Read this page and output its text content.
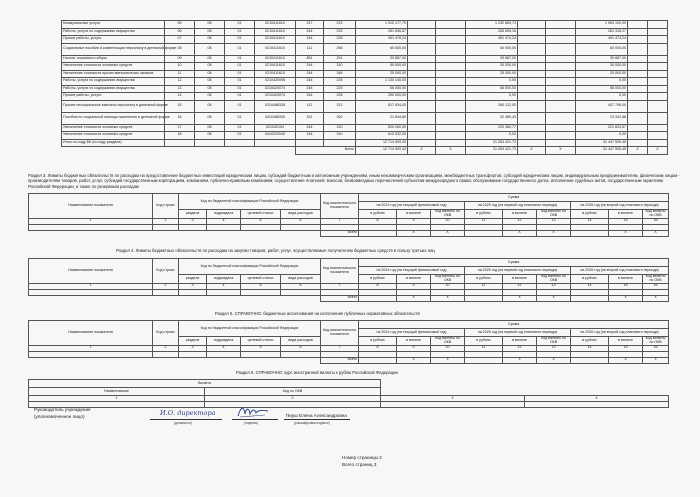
Коммунальные услуги	05	08	01	0210411610	247	223	1 910 177,79			1 232 883,73			1 963 100,00		
Работы, услуги по содержанию имущества	06	08	01	0210411610	244	225	261 636,67			265 605,16			261 318,27		
Прочие работы, услуги	07	08	01	0210411610	244	226	451 478,24			451 474,24			451 474,24		
Социальные пособия и компенсации персоналу в денежной форме	08	08	01	0210411610	111	266	60 000,00			60 000,00			60 000,00		
Налоги, пошлины и сборы	09	08	01	0210411610	851	291	39 887,00			39 887,00			39 887,00		
Увеличение стоимости основных средств	10	08	01	0210411610	244	310	50 000,00			30 000,00			30 000,00		
Увеличение стоимости прочих материальных запасов	11	08	01	0210411610	244	346	25 000,00			25 000,00			25 000,00		
Работы, услуги по содержанию имущества	12	08	01	0210420098	244	225	1 130 140,00			0,00			0,00		
Работы, услуги по содержанию имущества	13	08	01	0210420074	244	225	56 000,00			56 000,00			56 000,00		
Прочие работы, услуги	14	08	01	0210420074	244	226	250 000,00			0,00			0,00		
Прочие несоциальные выплаты персоналу в денежной форме	15	08	01	0310488335	112	212	517 634,00			260 112,00			407 708,00		
Пособия по социальной помощи населению в денежной форме	16	08	01	0310488335	321	262	21 644,80			22 489,43			23 332,88		
Увеличение стоимости основных средств	17	08	01	021042104	244	310	520 260,00			220 380,77			221 624,57		
Увеличение стоимости основных средств	18	08	01	0410220045	244	310	610 532,00			0,00			0,00		
Итого по коду БК (по коду раздела)							12 714 900,43			31 263 421,73			31 447 505,45		
					Всего		12 714 900,43	X	X	31 263 421,73	X	X	31 447 505,45	X	X
Раздел 3. Лимиты бюджетных обязательств по расходам на предоставление бюджетных инвестиций юридическим лицам, субсидий бюджетным и автономным учреждениям, иным некоммерческим организациям, межбюджетных трансфертов, субсидий юридическим лицам, индивидуальным предпринимателям, физическим лицам - производителям товаров, работ, услуг, субсидий государственным корпорациям, компаниям, публично-правовым компаниям; осуществление платежей, взносов, безвозмездных перечислений субъектам международного права; обслуживание государственного долга, исполнение судебных актов, государственным гарантиям Российской Федерации, а также по резервным расходам
Наименование показателя	Код строки	Код по бюджетной классификации Российской Федерации				Код аналитического показателя	Сумма								
							на 2024 год (на текущий финансовый год)			на 2025 год (на первый год планового периода)			на 2026 год (на второй год планового периода)		
		раздела	подраздела	целевой статьи	вида расходов		в рублях	в валюте	Код валюты по ОКВ	в рублях	в валюте	Код валюты по ОКВ	в рублях	в валюте	Код валюты по ОКВ
1	2	3	4	5	6	7	8	9	10	11	12	13	14	15	16

						Всего		X	X		X	X		X	X
Раздел 4. Лимиты бюджетных обязательств по расходам на закупки товаров, работ, услуг, осуществляемые получателем бюджетных средств в пользу третьих лиц
Наименование показателя	Код строки	Код по бюджетной классификации Российской Федерации				Код аналитического показателя	Сумма								
							на 2024 год (на текущий финансовый год)			на 2025 год (на первый год планового периода)			на 2026 год (на второй год планового периода)		
		раздела	подраздела	целевой статьи	вида расходов		в рублях	в валюте	Код валюты по ОКВ	в рублях	в валюте	Код валюты по ОКВ	в рублях	в валюте	Код валюты по ОКВ
1	2	3	4	5	6	7	8	9	10	11	12	13	14	15	16

						Всего		X	X		X	X		X	X
Раздел 5. СПРАВОЧНО: бюджетные ассигнования на исполнение публичных нормативных обязательств
Наименование показателя	Код строки	Код по бюджетной классификации Российской Федерации				Код аналитического показателя	Сумма								
							на 2024 год (на текущий финансовый год)			на 2025 год (на первый год планового периода)			на 2026 год (на второй год планового периода)		
		раздела	подраздела	целевой статьи	вида расходов		в рублях	в валюте	Код валюты по ОКВ	в рублях	в валюте	Код валюты по ОКВ	в рублях	в валюте	Код валюты по ОКВ
1	2	3	4	5	6	7	8	9	10	11	12	13	14	15	16

						Всего		X	X		X	X		X	X
Раздел 6. СПРАВОЧНО: курс иностранной валюты к рублю Российской Федерации
Валюта			
Наименование	Код по ОКВ		
1	2	3	4

Руководитель учреждения
(уполномоченное лицо)	И.О. директора
(должность)	(подпись)
Пиуш Елена Александровна
(расшифровка подписи)
Номер страницы 2
Всего страниц 3
